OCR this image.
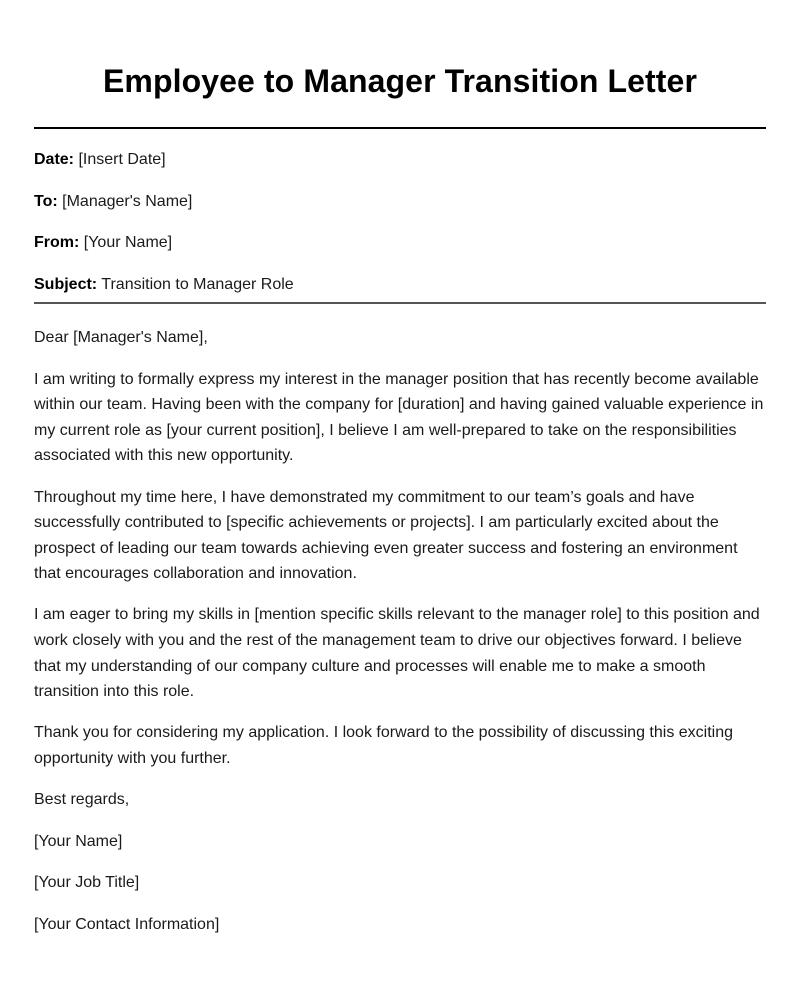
Employee to Manager Transition Letter

Date: [Insert Date]

To: [Manager's Name]

From: [Your Name]

Subject: Transition to Manager Role

Dear [Manager's Name],

I am writing to formally express my interest in the manager position that has recently become available within our team. Having been with the company for [duration] and having gained valuable experience in my current role as [your current position], I believe I am well-prepared to take on the responsibilities associated with this new opportunity.

Throughout my time here, I have demonstrated my commitment to our team’s goals and have successfully contributed to [specific achievements or projects]. I am particularly excited about the prospect of leading our team towards achieving even greater success and fostering an environment that encourages collaboration and innovation.

I am eager to bring my skills in [mention specific skills relevant to the manager role] to this position and work closely with you and the rest of the management team to drive our objectives forward. I believe that my understanding of our company culture and processes will enable me to make a smooth transition into this role.

Thank you for considering my application. I look forward to the possibility of discussing this exciting opportunity with you further.

Best regards,

[Your Name]

[Your Job Title]

[Your Contact Information]
